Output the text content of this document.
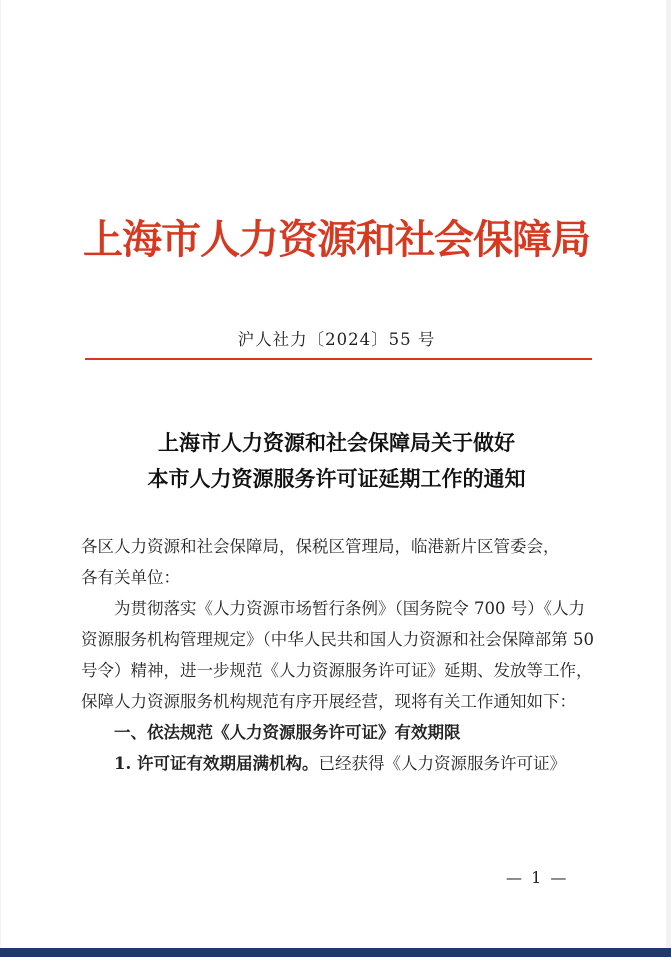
上海市人力资源和社会保障局
沪人社力〔2024〕55 号
上海市人力资源和社会保障局关于做好
本市人力资源服务许可证延期工作的通知

各区人力资源和社会保障局，保税区管理局，临港新片区管委会，

各有关单位：

为贯彻落实《人力资源市场暂行条例》（国务院令 700 号）《人力资源服务机构管理规定》（中华人民共和国人力资源和社会保障部第 50 号令）精神，进一步规范《人力资源服务许可证》延期、发放等工作，保障人力资源服务机构规范有序开展经营，现将有关工作通知如下：

一、依法规范《人力资源服务许可证》有效期限

1. 许可证有效期届满机构。已经获得《人力资源服务许可证》

— 1 —
